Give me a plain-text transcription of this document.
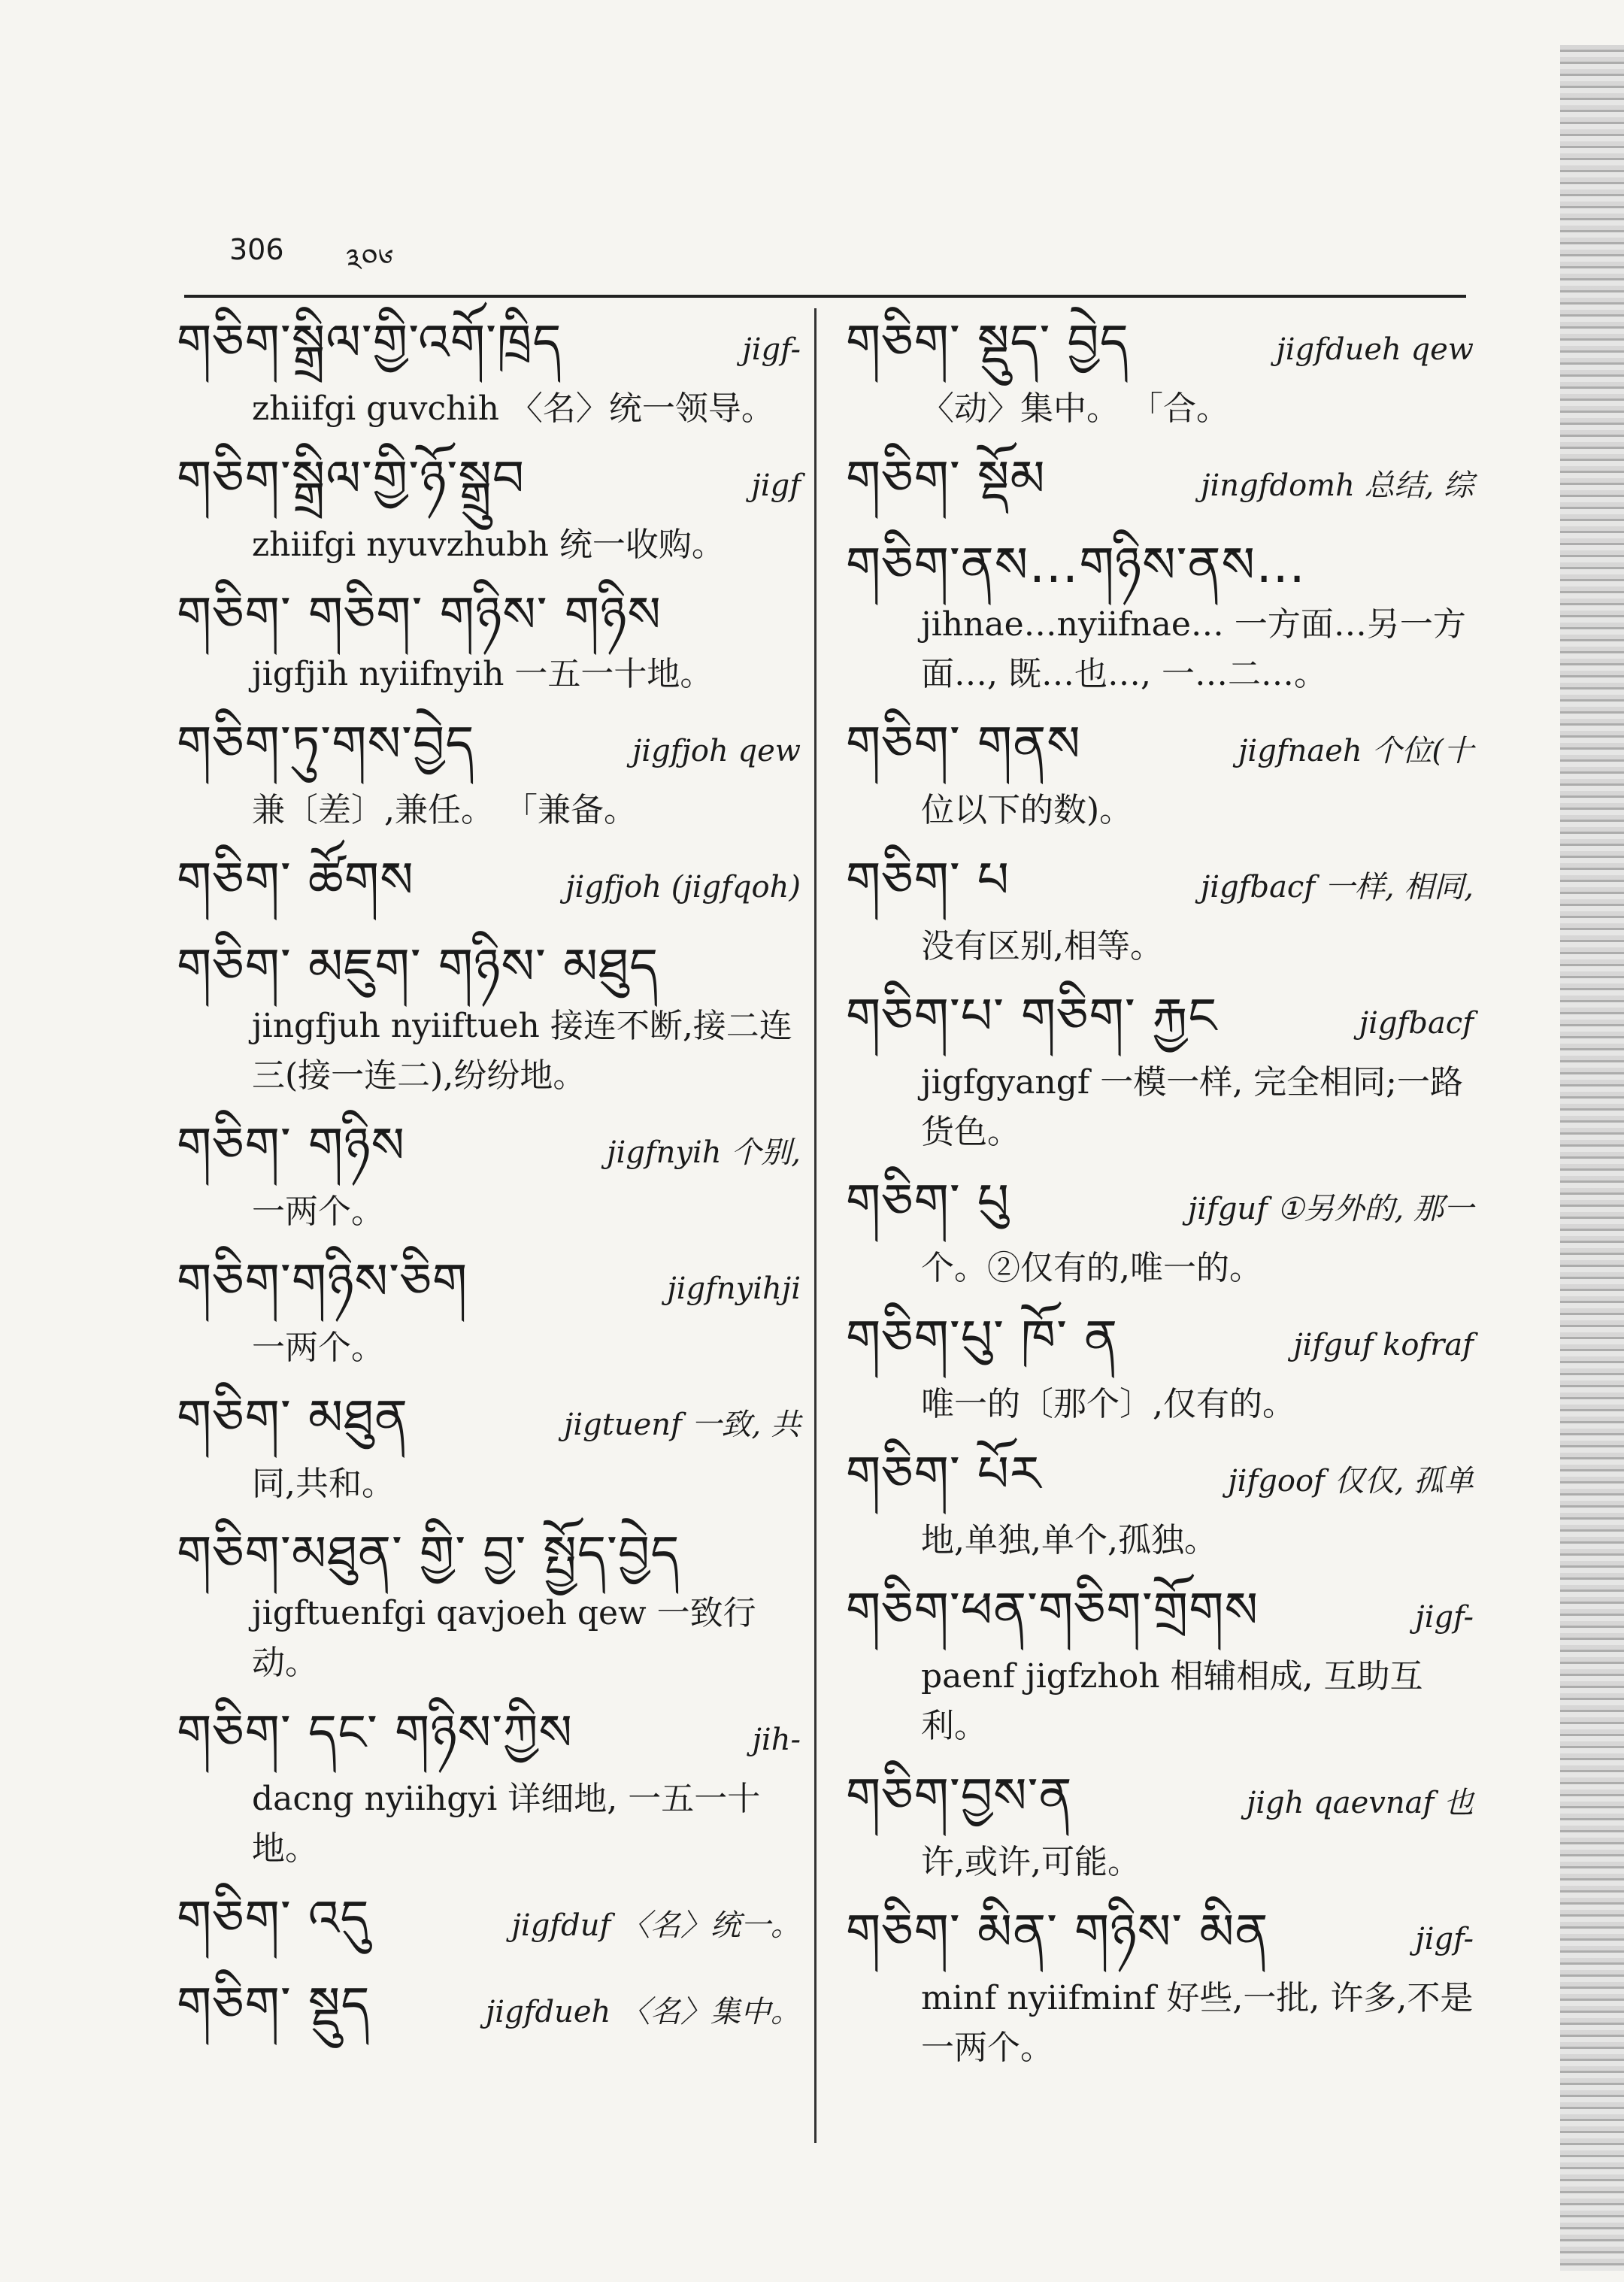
306 ༣༠༦
གཅིག་སྒྲིལ་གྱི་འགོ་ཁྲིད	jigf-
zhiifgi guvchih 〈名〉统一领导。
གཅིག་སྒྲིལ་གྱི་ཉོ་སྒྲུབ	jigf
zhiifgi nyuvzhubh 统一收购。
གཅིག་ གཅིག་ གཉིས་ གཉིས
jigfjih nyiifnyih 一五一十地。
གཅིག་ཏུ་གས་བྱེད	jigfjoh qew
兼〔差〕,兼任。 「兼备。
གཅིག་ ཚོགས	jigfjoh (jigfqoh)
གཅིག་ མཇུག་ གཉིས་ མཐུད
jingfjuh nyiiftueh 接连不断,接二连三(接一连二),纷纷地。
གཅིག་ གཉིས	jigfnyih 个别,
一两个。
གཅིག་གཉིས་ཅིག	jigfnyihji
一两个。
གཅིག་ མཐུན	jigtuenf 一致, 共
同,共和。
གཅིག་མཐུན་ གྱི་ བྱ་ སྤྱོད་བྱེད
jigftuenfgi qavjoeh qew 一致行动。
གཅིག་ དང་ གཉིས་ཀྱིས	jih-
dacng nyiihgyi 详细地, 一五一十地。
གཅིག་ འདུ	jigfduf 〈名〉统一。
གཅིག་ སྡུད	jigfdueh 〈名〉集中。
གཅིག་ སྡུད་ བྱེད	jigfdueh qew
〈动〉集中。 「合。
གཅིག་ སྡོམ	jingfdomh 总结, 综
གཅིག་ནས…གཉིས་ནས…
jihnae…nyiifnae… 一方面…另一方面…, 既…也…, 一…二…。
གཅིག་ གནས	jigfnaeh 个位(十
位以下的数)。
གཅིག་ པ	jigfbacf 一样, 相同,
没有区别,相等。
གཅིག་པ་ གཅིག་ རྐྱང	jigfbacf
jigfgyangf 一模一样, 完全相同;一路货色。
གཅིག་ པུ	jifguf ①另外的, 那一
个。②仅有的,唯一的。
གཅིག་པུ་ ཁོ་ ན	jifguf kofraf
唯一的〔那个〕,仅有的。
གཅིག་ པོར	jifgoof 仅仅, 孤单
地,单独,单个,孤独。
གཅིག་ཕན་གཅིག་གྲོགས	jigf-
paenf jigfzhoh 相辅相成, 互助互利。
གཅིག་བྱས་ན	jigh qaevnaf 也
许,或许,可能。
གཅིག་ མིན་ གཉིས་ མིན	jigf-
minf nyiifminf 好些,一批, 许多,不是一两个。
